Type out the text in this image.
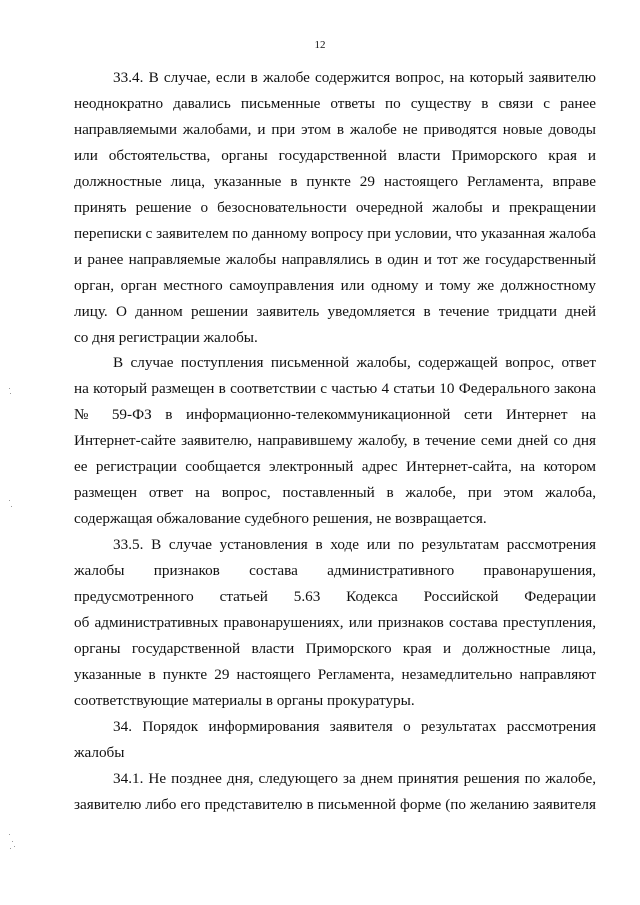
12

33.4. В случае, если в жалобе содержится вопрос, на который заявителю
неоднократно давались письменные ответы по существу в связи с ранее
направляемыми жалобами, и при этом в жалобе не приводятся новые доводы
или обстоятельства, органы государственной власти Приморского края и
должностные лица, указанные в пункте 29 настоящего Регламента, вправе
принять решение о безосновательности очередной жалобы и прекращении
переписки с заявителем по данному вопросу при условии, что указанная жалоба
и ранее направляемые жалобы направлялись в один и тот же государственный
орган, орган местного самоуправления или одному и тому же должностному
лицу. О данном решении заявитель уведомляется в течение тридцати дней
со дня регистрации жалобы.

В случае поступления письменной жалобы, содержащей вопрос, ответ
на который размещен в соответствии с частью 4 статьи 10 Федерального закона
№ 59-ФЗ в информационно-телекоммуникационной сети Интернет на
Интернет-сайте заявителю, направившему жалобу, в течение семи дней со дня
ее регистрации сообщается электронный адрес Интернет-сайта, на котором
размещен ответ на вопрос, поставленный в жалобе, при этом жалоба,
содержащая обжалование судебного решения, не возвращается.

33.5. В случае установления в ходе или по результатам рассмотрения
жалобы признаков состава административного правонарушения,
предусмотренного статьей 5.63 Кодекса Российской Федерации
об административных правонарушениях, или признаков состава преступления,
органы государственной власти Приморского края и должностные лица,
указанные в пункте 29 настоящего Регламента, незамедлительно направляют
соответствующие материалы в органы прокуратуры.

34. Порядок информирования заявителя о результатах рассмотрения
жалобы

34.1. Не позднее дня, следующего за днем принятия решения по жалобе,
заявителю либо его представителю в письменной форме (по желанию заявителя
